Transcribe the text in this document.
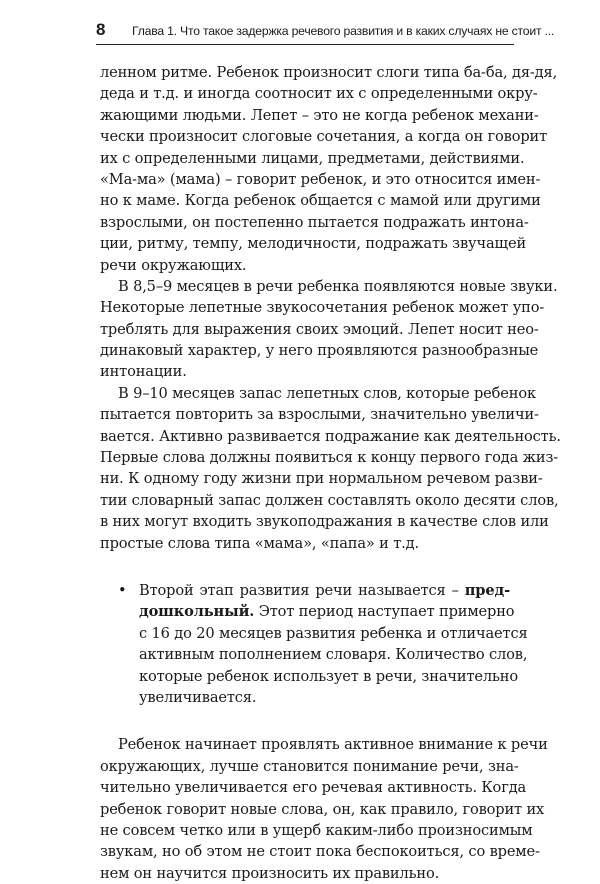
8 Глава 1. Что такое задержка речевого развития и в каких случаях не стоит ...
ленном ритме. Ребенок произносит слоги типа ба-ба, дя-дя,
деда и т.д. и иногда соотносит их с определенными окру-
жающими людьми. Лепет – это не когда ребенок механи-
чески произносит слоговые сочетания, а когда он говорит
их с определенными лицами, предметами, действиями.
«Ма-ма» (мама) – говорит ребенок, и это относится имен-
но к маме. Когда ребенок общается с мамой или другими
взрослыми, он постепенно пытается подражать интона-
ции, ритму, темпу, мелодичности, подражать звучащей
речи окружающих.
В 8,5–9 месяцев в речи ребенка появляются новые звуки.
Некоторые лепетные звукосочетания ребенок может упо-
треблять для выражения своих эмоций. Лепет носит нео-
динаковый характер, у него проявляются разнообразные
интонации.
В 9–10 месяцев запас лепетных слов, которые ребенок
пытается повторить за взрослыми, значительно увеличи-
вается. Активно развивается подражание как деятельность.
Первые слова должны появиться к концу первого года жиз-
ни. К одному году жизни при нормальном речевом разви-
тии словарный запас должен составлять около десяти слов,
в них могут входить звукоподражания в качестве слов или
простые слова типа «мама», «папа» и т.д.
• Второй этап развития речи называется – пред-
дошкольный. Этот период наступает примерно
с 16 до 20 месяцев развития ребенка и отличается
активным пополнением словаря. Количество слов,
которые ребенок использует в речи, значительно
увеличивается.
Ребенок начинает проявлять активное внимание к речи
окружающих, лучше становится понимание речи, зна-
чительно увеличивается его речевая активность. Когда
ребенок говорит новые слова, он, как правило, говорит их
не совсем четко или в ущерб каким-либо произносимым
звукам, но об этом не стоит пока беспокоиться, со време-
нем он научится произносить их правильно.
